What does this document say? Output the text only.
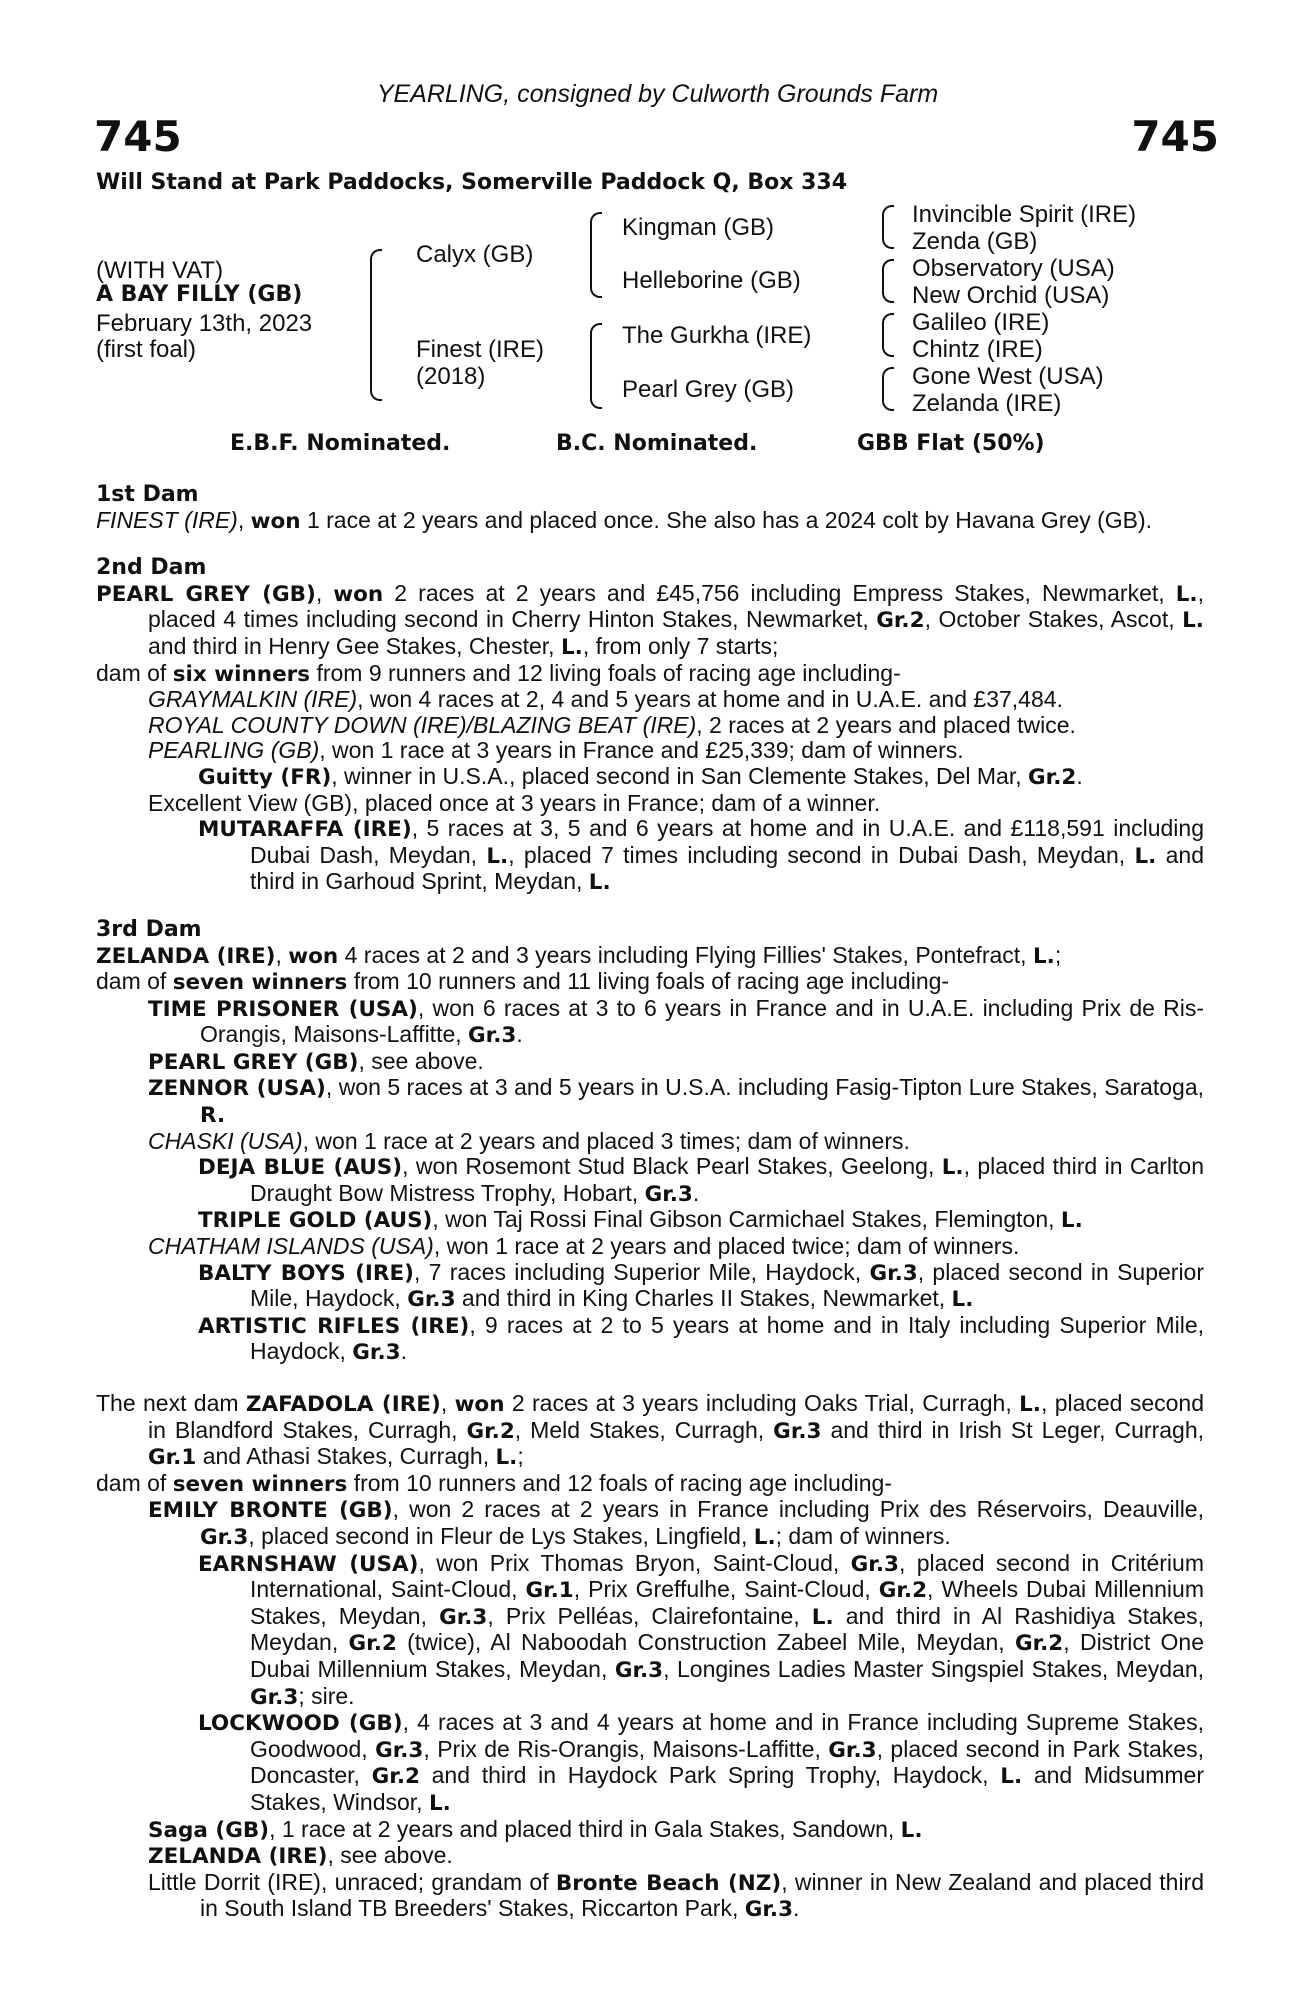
YEARLING, consigned by Culworth Grounds Farm
745	745
Will Stand at Park Paddocks, Somerville Paddock Q, Box 334
(WITH VAT)
A BAY FILLY (GB)
February 13th, 2023
(first foal)
Calyx (GB)
Finest (IRE)
(2018)
Kingman (GB)
Helleborine (GB)
The Gurkha (IRE)
Pearl Grey (GB)
Invincible Spirit (IRE)
Zenda (GB)
Observatory (USA)
New Orchid (USA)
Galileo (IRE)
Chintz (IRE)
Gone West (USA)
Zelanda (IRE)
E.B.F. Nominated.	B.C. Nominated.	GBB Flat (50%)
1st Dam
FINEST (IRE), won 1 race at 2 years and placed once. She also has a 2024 colt by Havana Grey (GB).
2nd Dam
PEARL GREY (GB), won 2 races at 2 years and £45,756 including Empress Stakes, Newmarket, L., placed 4 times including second in Cherry Hinton Stakes, Newmarket, Gr.2, October Stakes, Ascot, L. and third in Henry Gee Stakes, Chester, L., from only 7 starts;
dam of six winners from 9 runners and 12 living foals of racing age including-
GRAYMALKIN (IRE), won 4 races at 2, 4 and 5 years at home and in U.A.E. and £37,484.
ROYAL COUNTY DOWN (IRE)/BLAZING BEAT (IRE), 2 races at 2 years and placed twice.
PEARLING (GB), won 1 race at 3 years in France and £25,339; dam of winners.
Guitty (FR), winner in U.S.A., placed second in San Clemente Stakes, Del Mar, Gr.2.
Excellent View (GB), placed once at 3 years in France; dam of a winner.
MUTARAFFA (IRE), 5 races at 3, 5 and 6 years at home and in U.A.E. and £118,591 including Dubai Dash, Meydan, L., placed 7 times including second in Dubai Dash, Meydan, L. and third in Garhoud Sprint, Meydan, L.
3rd Dam
ZELANDA (IRE), won 4 races at 2 and 3 years including Flying Fillies' Stakes, Pontefract, L.;
dam of seven winners from 10 runners and 11 living foals of racing age including-
TIME PRISONER (USA), won 6 races at 3 to 6 years in France and in U.A.E. including Prix de Ris-Orangis, Maisons-Laffitte, Gr.3.
PEARL GREY (GB), see above.
ZENNOR (USA), won 5 races at 3 and 5 years in U.S.A. including Fasig-Tipton Lure Stakes, Saratoga, R.
CHASKI (USA), won 1 race at 2 years and placed 3 times; dam of winners.
DEJA BLUE (AUS), won Rosemont Stud Black Pearl Stakes, Geelong, L., placed third in Carlton Draught Bow Mistress Trophy, Hobart, Gr.3.
TRIPLE GOLD (AUS), won Taj Rossi Final Gibson Carmichael Stakes, Flemington, L.
CHATHAM ISLANDS (USA), won 1 race at 2 years and placed twice; dam of winners.
BALTY BOYS (IRE), 7 races including Superior Mile, Haydock, Gr.3, placed second in Superior Mile, Haydock, Gr.3 and third in King Charles II Stakes, Newmarket, L.
ARTISTIC RIFLES (IRE), 9 races at 2 to 5 years at home and in Italy including Superior Mile, Haydock, Gr.3.
The next dam ZAFADOLA (IRE), won 2 races at 3 years including Oaks Trial, Curragh, L., placed second in Blandford Stakes, Curragh, Gr.2, Meld Stakes, Curragh, Gr.3 and third in Irish St Leger, Curragh, Gr.1 and Athasi Stakes, Curragh, L.;
dam of seven winners from 10 runners and 12 foals of racing age including-
EMILY BRONTE (GB), won 2 races at 2 years in France including Prix des Réservoirs, Deauville, Gr.3, placed second in Fleur de Lys Stakes, Lingfield, L.; dam of winners.
EARNSHAW (USA), won Prix Thomas Bryon, Saint-Cloud, Gr.3, placed second in Critérium International, Saint-Cloud, Gr.1, Prix Greffulhe, Saint-Cloud, Gr.2, Wheels Dubai Millennium Stakes, Meydan, Gr.3, Prix Pelléas, Clairefontaine, L. and third in Al Rashidiya Stakes, Meydan, Gr.2 (twice), Al Naboodah Construction Zabeel Mile, Meydan, Gr.2, District One Dubai Millennium Stakes, Meydan, Gr.3, Longines Ladies Master Singspiel Stakes, Meydan, Gr.3; sire.
LOCKWOOD (GB), 4 races at 3 and 4 years at home and in France including Supreme Stakes, Goodwood, Gr.3, Prix de Ris-Orangis, Maisons-Laffitte, Gr.3, placed second in Park Stakes, Doncaster, Gr.2 and third in Haydock Park Spring Trophy, Haydock, L. and Midsummer Stakes, Windsor, L.
Saga (GB), 1 race at 2 years and placed third in Gala Stakes, Sandown, L.
ZELANDA (IRE), see above.
Little Dorrit (IRE), unraced; grandam of Bronte Beach (NZ), winner in New Zealand and placed third in South Island TB Breeders' Stakes, Riccarton Park, Gr.3.
